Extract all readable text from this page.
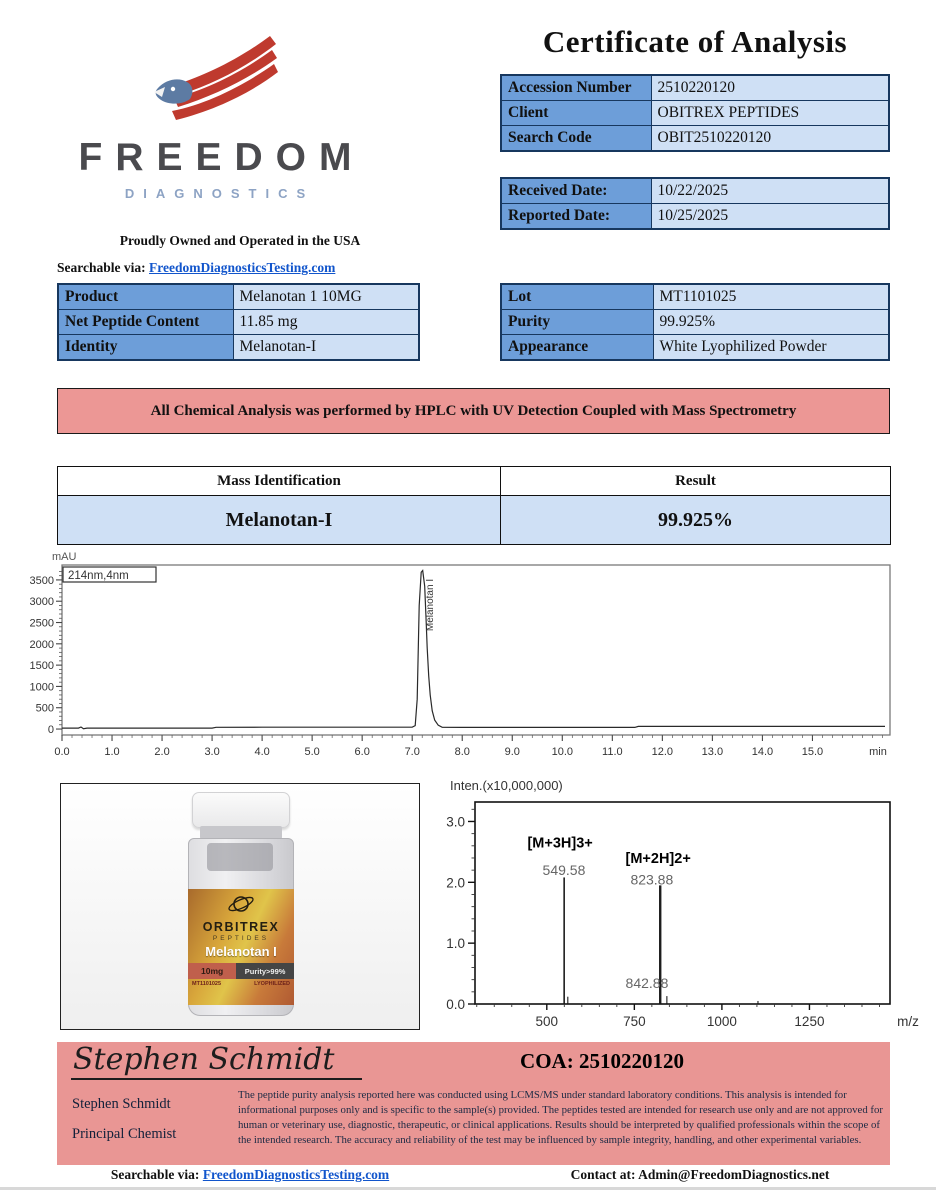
Certificate of Analysis
FREEDOM
DIAGNOSTICS
Proudly Owned and Operated in the USA
Searchable via: FreedomDiagnosticsTesting.com
Accession Number	2510220120
Client	OBITREX PEPTIDES
Search Code	OBIT2510220120
Received Date:	10/22/2025
Reported Date:	10/25/2025
Product	Melanotan 1 10MG
Net Peptide Content	11.85 mg
Identity	Melanotan-I
Lot	MT1101025
Purity	99.925%
Appearance	White Lyophilized Powder
All Chemical Analysis was performed by HPLC with UV Detection Coupled with Mass Spectrometry
Mass Identification	Result
Melanotan-I	99.925%
0
500
1000
1500
2000
2500
3000
3500
0.0	1.0	2.0	3.0	4.0	5.0	6.0	7.0	8.0	9.0	10.0	11.0	12.0	13.0	14.0	15.0	min
mAU
214nm,4nm
Melanotan I
ORBITREX
PEPTIDES
Melanotan I
10mg	Purity>99%
MT1101025	LYOPHILIZED
Inten.(x10,000,000)
0.0
1.0
2.0
3.0
500	750	1000	1250	m/z
[M+3H]3+
549.58
[M+2H]2+
823.88
842.88
Stephen Schmidt
Stephen Schmidt
Principal Chemist
COA: 2510220120
The peptide purity analysis reported here was conducted using LCMS/MS under standard laboratory conditions. This analysis is intended for informational purposes only and is specific to the sample(s) provided. The peptides tested are intended for research use only and are not approved for human or veterinary use, diagnostic, therapeutic, or clinical applications. Results should be interpreted by qualified professionals within the scope of the intended research. The accuracy and reliability of the test may be influenced by sample integrity, handling, and other experimental variables.
Searchable via: FreedomDiagnosticsTesting.com	Contact at: Admin@FreedomDiagnostics.net
